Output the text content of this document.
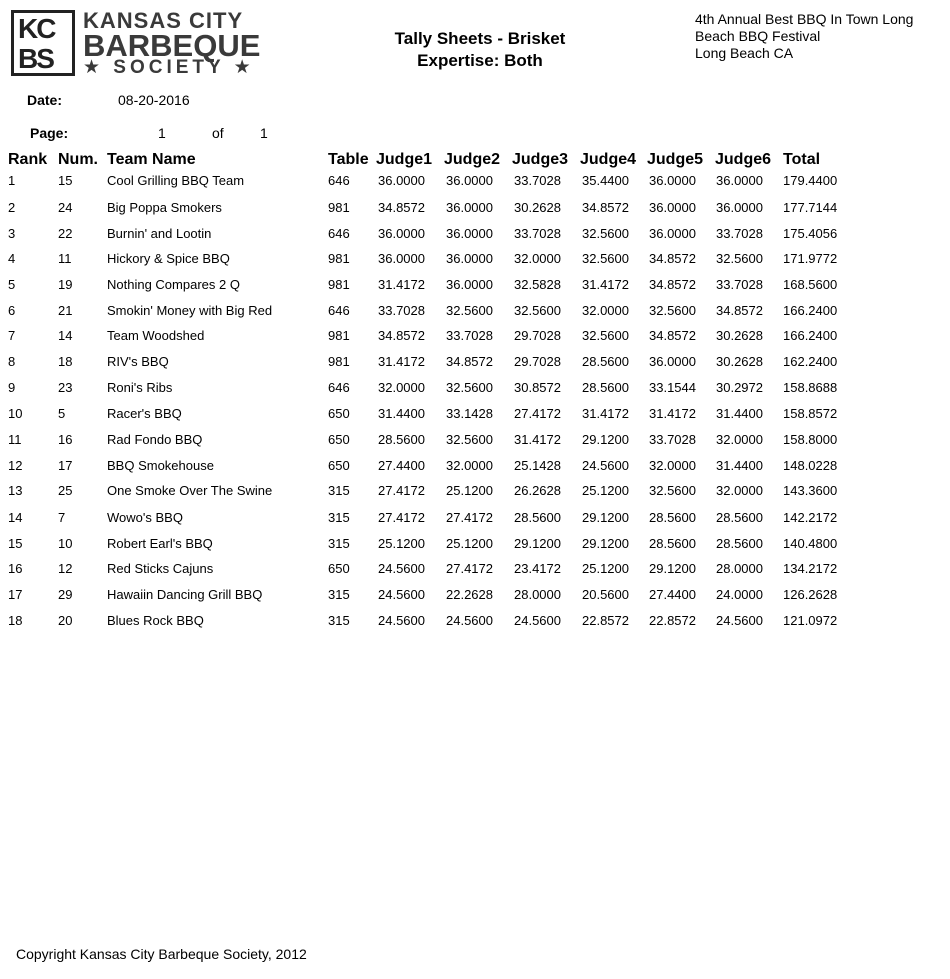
KC
BS
KANSAS CITY
BARBEQUE
★ SOCIETY ★
Tally Sheets - Brisket
Expertise: Both
4th Annual Best BBQ In Town Long
Beach BBQ Festival
Long Beach CA
Date:	08-20-2016
Page:	1	of	1
Rank Num. Team Name	Table Judge1 Judge2 Judge3 Judge4 Judge5 Judge6 Total
1	15	Cool Grilling BBQ Team	646 36.0000 36.0000 33.7028 35.4400 36.0000 36.0000 179.4400
2	24	Big Poppa Smokers	981 34.8572 36.0000 30.2628 34.8572 36.0000 36.0000 177.7144
3	22	Burnin' and Lootin	646 36.0000 36.0000 33.7028 32.5600 36.0000 33.7028 175.4056
4	11	Hickory & Spice BBQ	981 36.0000 36.0000 32.0000 32.5600 34.8572 32.5600 171.9772
5	19	Nothing Compares 2 Q	981 31.4172 36.0000 32.5828 31.4172 34.8572 33.7028 168.5600
6	21	Smokin' Money with Big Red	646 33.7028 32.5600 32.5600 32.0000 32.5600 34.8572 166.2400
7	14	Team Woodshed	981 34.8572 33.7028 29.7028 32.5600 34.8572 30.2628 166.2400
8	18	RIV's BBQ	981 31.4172 34.8572 29.7028 28.5600 36.0000 30.2628 162.2400
9	23	Roni's Ribs	646 32.0000 32.5600 30.8572 28.5600 33.1544 30.2972 158.8688
10	5	Racer's BBQ	650 31.4400 33.1428 27.4172 31.4172 31.4172 31.4400 158.8572
11	16	Rad Fondo BBQ	650 28.5600 32.5600 31.4172 29.1200 33.7028 32.0000 158.8000
12	17	BBQ Smokehouse	650 27.4400 32.0000 25.1428 24.5600 32.0000 31.4400 148.0228
13	25	One Smoke Over The Swine	315 27.4172 25.1200 26.2628 25.1200 32.5600 32.0000 143.3600
14	7	Wowo's BBQ	315 27.4172 27.4172 28.5600 29.1200 28.5600 28.5600 142.2172
15	10	Robert Earl's BBQ	315 25.1200 25.1200 29.1200 29.1200 28.5600 28.5600 140.4800
16	12	Red Sticks Cajuns	650 24.5600 27.4172 23.4172 25.1200 29.1200 28.0000 134.2172
17	29	Hawaiin Dancing Grill BBQ	315 24.5600 22.2628 28.0000 20.5600 27.4400 24.0000 126.2628
18	20	Blues Rock BBQ	315 24.5600 24.5600 24.5600 22.8572 22.8572 24.5600 121.0972
Copyright Kansas City Barbeque Society, 2012
